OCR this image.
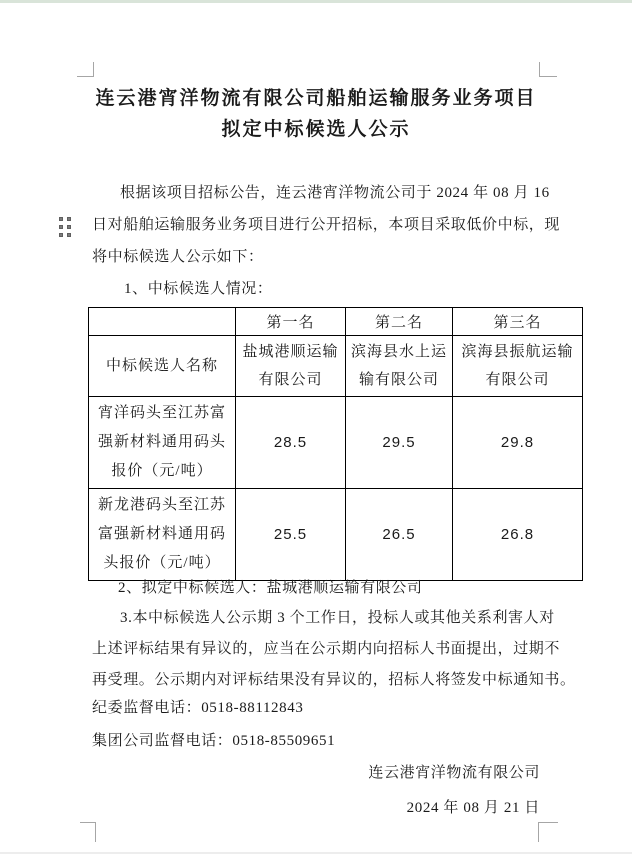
连云港宵洋物流有限公司船舶运输服务业务项目
拟定中标候选人公示
根据该项目招标公告，连云港宵洋物流公司于 2024 年 08 月 16
日对船舶运输服务业务项目进行公开招标，本项目采取低价中标，现
将中标候选人公示如下：
1、中标候选人情况：
	第一名	第二名	第三名
中标候选人名称	盐城港顺运输有限公司	滨海县水上运输有限公司	滨海县振航运输有限公司
宵洋码头至江苏富强新材料通用码头报价（元/吨）	28.5	29.5	29.8
新龙港码头至江苏富强新材料通用码头报价（元/吨）	25.5	26.5	26.8
2、拟定中标候选人：盐城港顺运输有限公司
3.本中标候选人公示期 3 个工作日，投标人或其他关系利害人对
上述评标结果有异议的，应当在公示期内向招标人书面提出，过期不
再受理。公示期内对评标结果没有异议的，招标人将签发中标通知书。
纪委监督电话：0518-88112843
集团公司监督电话：0518-85509651
连云港宵洋物流有限公司
2024 年 08 月 21 日
